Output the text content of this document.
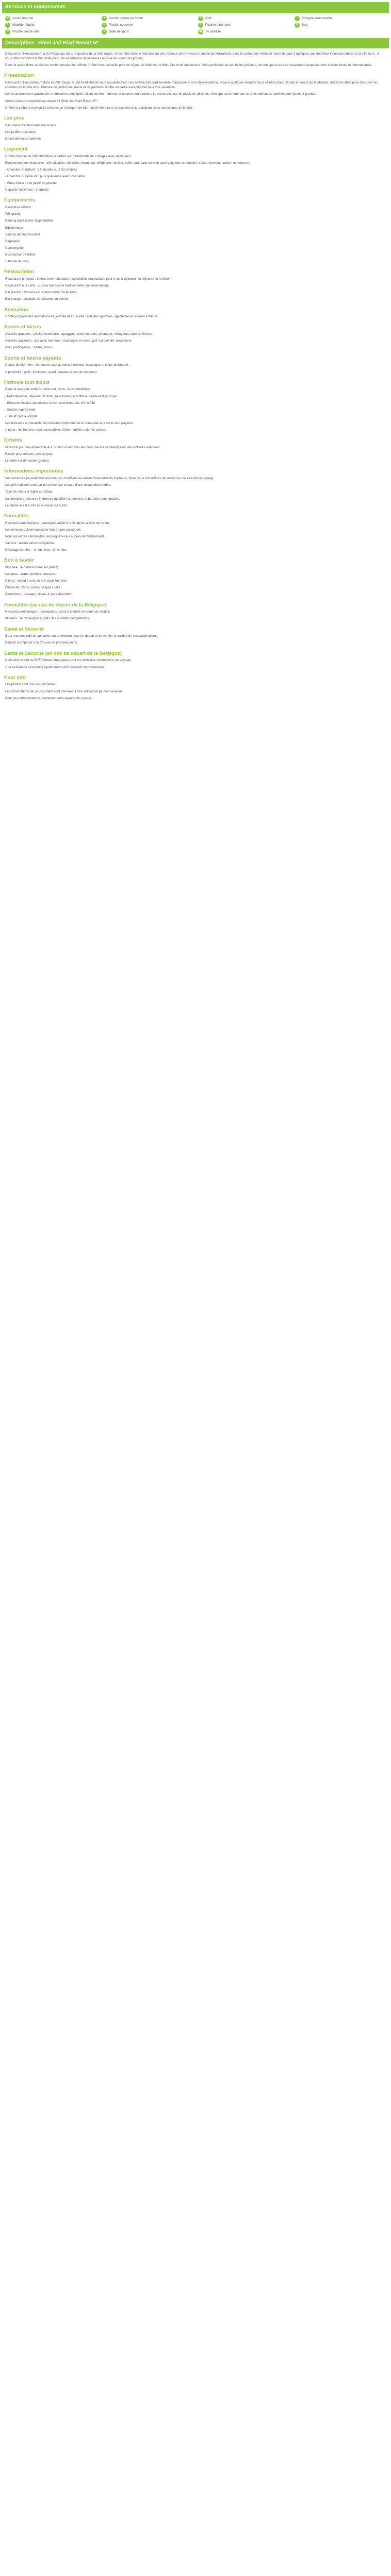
Services et équipements
@ Accès Internet	♥	Centre remise en forme	⚑	Golf	~	Plongée sous-marine
♿	Mobilité réduite	≈	Piscine couverte	☀	Piscine extérieure	✿	Spa
☂	Proche centre ville	●	Salle de sport	▣ Tv satellite
Description - Hôtel Jad Riad Resort 5*

Découvrez l'Herculaneum à de Pécaudou dans le quartier de la Ville rouge, l'ensemble dans le domaine du plus fameux centre vivant et animé de Marrakech, avec le cadre d'un véritable havre de paix à quelques pas des lieux incontournables de la ville ocre ; il vous offre confort et authenticité pour une expérience de vacances réussie au coeur des jardins.

Dans le cadre d'une ambiance contemporaine et raffinée, l'hôtel vous accueille pour un séjour de détente, de bien-être et de découverte. Vous profiterez de ses belles piscines, de son spa et de ses restaurants proposant une cuisine locale et internationale.

Présentation

Découvrez l'Herculaneum dans la Ville rouge, le Jad Riad Resort vous accueille avec son architecture traditionnelle marocaine et son style moderne. Situé à quelques minutes de la célèbre place Jemaa el Fna et de la Médina, l'hôtel est idéal pour découvrir les charmes de la ville ocre. Entouré de jardins luxuriants et de palmiers, il offre un cadre exceptionnel pour vos vacances.

Les chambres sont spacieuses et décorées avec goût, alliant confort moderne et touches marocaines. Le resort dispose de plusieurs piscines, d'un spa avec hammam et de nombreuses activités pour petits et grands.

Venez vivre une expérience unique à l'Hôtel Jad Riad Resort 5* !

L'hôtel est situé à environ 10 minutes de l'aéroport de Marrakech Menara et à proximité des principaux sites touristiques de la ville.

Les plus

Décoration traditionnelle marocaine

Les jardins luxuriants

De nombreuses activités

Logement

L'hôtel dispose de 206 chambres réparties sur 3 bâtiments de 2 étages avec ascenseur.

Équipement des chambres : climatisation, télévision écran plat, téléphone, minibar, coffre-fort, salle de bain avec baignoire ou douche, sèche-cheveux, balcon ou terrasse.

- Chambre Standard : 1 lit double ou 2 lits simples

- Chambre Supérieure : plus spacieuse avec coin salon

- Suite Junior : vue jardin ou piscine

Capacité maximum : 3 adultes

Équipements

Réception 24h/24

Wifi gratuit

Parking privé (selon disponibilité)

Bibliothèque

Service de blanchisserie

Bagagerie

Conciergerie

Distributeur de billets

Salle de réunion

Restauration

Restaurant principal : buffets internationaux et spécialités marocaines pour le petit-déjeuner, le déjeuner et le dîner.

Restaurant à la carte : cuisine marocaine traditionnelle (sur réservation).

Bar piscine : boissons et snacks durant la journée.

Bar lounge : cocktails et boissons en soirée.

Animation

L'hôtel propose des animations en journée et en soirée : activités sportives, spectacles et soirées à thème.

Sports et loisirs

Activités gratuites : piscine extérieure, aquagym, tennis de table, pétanque, volley-ball, salle de fitness.

Activités payantes : spa avec hammam, massages et soins, golf à proximité, excursions.

Avec participation : billard, tennis.

Sports et loisirs payants

Centre de bien-être : hammam, sauna, bains à remous, massages et soins de beauté.

A proximité : golfs, équitation, quad, balades à dos de chameau.

Formule tout inclus

Dans le cadre de votre formule tout inclus, vous bénéficiez :

- Petit-déjeuner, déjeuner et dîner sous forme de buffet au restaurant principal

- Boissons locales alcoolisées et non alcoolisées de 10h à 23h

- Snacks l'après-midi

- Thé et café à volonté

Les boissons en bouteille, les boissons importées et le restaurant à la carte sont payants.

A noter : les horaires sont susceptibles d'être modifiés selon la saison.

Enfants

Mini-club pour les enfants de 4 à 12 ans ouvert tous les jours (sauf le vendredi) avec des activités adaptées.

Bassin pour enfants, aire de jeux.

Lit bébé sur demande (gratuit).

Informations importantes

Vos vacances peuvent être annulées ou modifiées en raison d'événements imprévus. Nous vous conseillons de souscrire une assurance voyage.

Les prix indiqués sont par personne, sur la base d'une occupation double.

Taxe de séjour à régler sur place.

La direction se réserve le droit de modifier les services et horaires sans préavis.

Le check-in est à 14h et le check-out à 12h.

Formalités

Ressortissants français : passeport valide 3 mois après la date de retour.

Les mineurs doivent posséder leur propre passeport.

Pour les autres nationalités, renseignez-vous auprès de l'ambassade.

Vaccins : aucun vaccin obligatoire.

Décalage horaire : -1h en hiver, -2h en été.

Bon à savoir

Monnaie : le dirham marocain (MAD).

Langues : arabe, berbère, français.

Climat : chaud et sec en été, doux en hiver.

Électricité : 220V, prises de type C et E.

Pourboires : d'usage, laissés à votre discrétion.

Formalités (au cas de départ de la Belgique)

Ressortissants belges : passeport ou carte d'identité en cours de validité.

Mineurs : se renseigner auprès des autorités compétentes.

Santé et Sécurité

Il est recommandé de consulter votre médecin avant le départ et de vérifier la validité de vos vaccinations.

Pensez à emporter une trousse de premiers soins.

Santé et Sécurité (en cas de départ de la Belgique)

Consultez le site du SPF Affaires étrangères pour les dernières informations de voyage.

Une assurance assistance rapatriement est fortement recommandée.

Pour info

Les photos sont non contractuelles.

Les informations de ce document sont données à titre indicatif et peuvent évoluer.

Pour plus d'informations, contactez votre agence de voyage.
